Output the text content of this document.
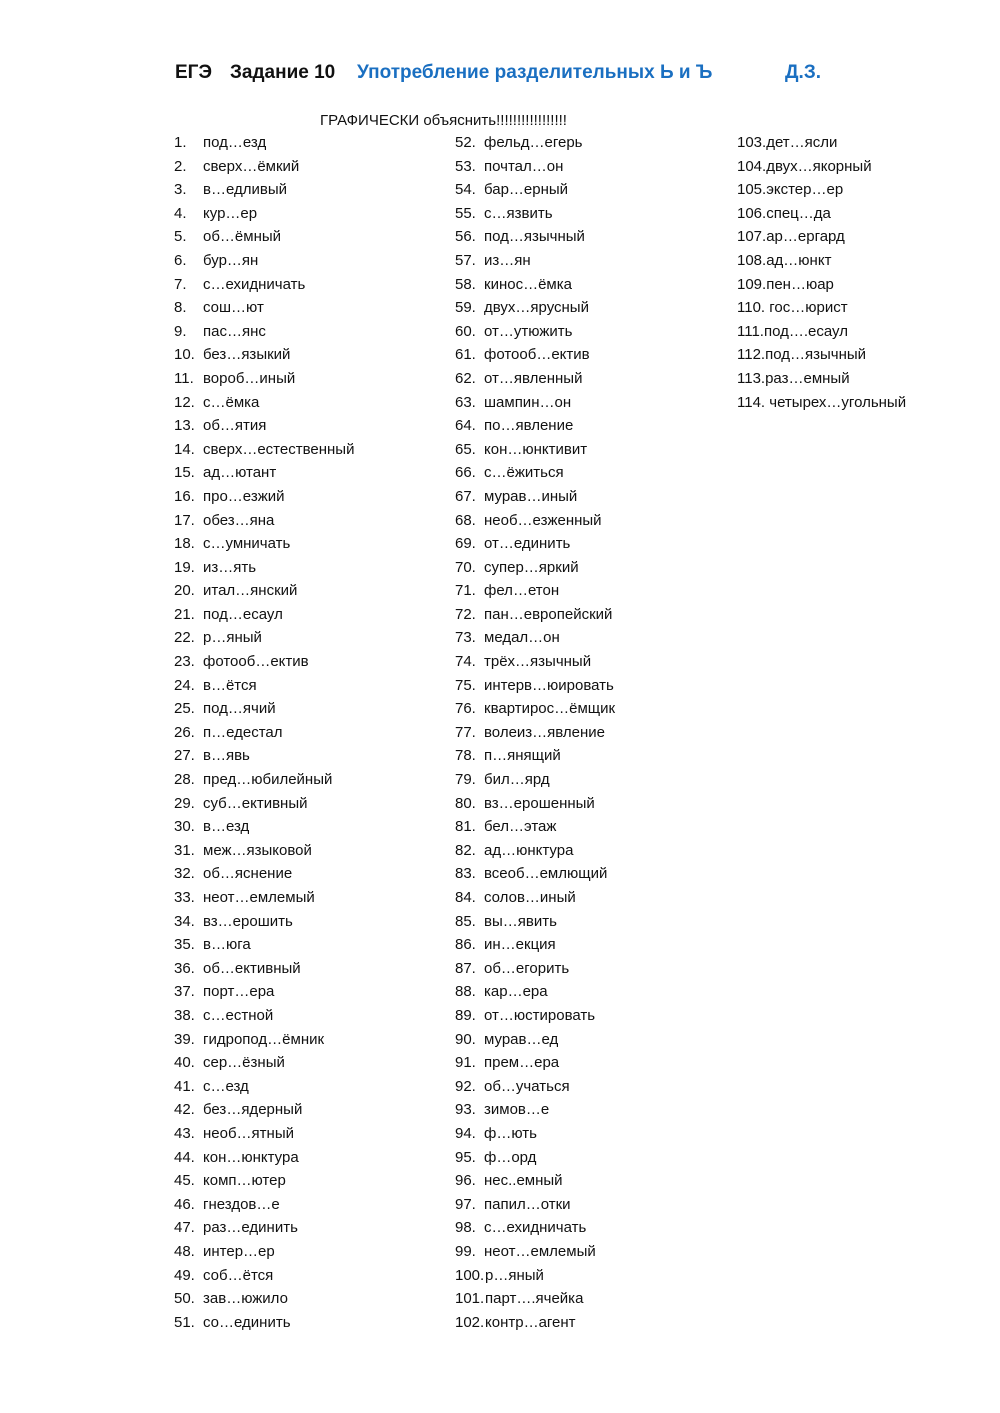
ЕГЭ Задание 10 Употребление разделительных Ь и Ъ	Д.З.
ГРАФИЧЕСКИ объяснить!!!!!!!!!!!!!!!!!
1. под…езд
2. сверх…ёмкий
3. в…едливый
4. кур…ер
5. об…ёмный
6. бур…ян
7. с…ехидничать
8. сош…ют
9. пас…янс
10. без…языкий
11. вороб…иный
12. с…ёмка
13. об…ятия
14. сверх…естественный
15. ад…ютант
16. про…езжий
17. обез…яна
18. с…умничать
19. из…ять
20. итал…янский
21. под…есаул
22. р…яный
23. фотооб…ектив
24. в…ётся
25. под…ячий
26. п…едестал
27. в…явь
28. пред…юбилейный
29. суб…ективный
30. в…езд
31. меж…языковой
32. об…яснение
33. неот…емлемый
34. вз…ерошить
35. в…юга
36. об…ективный
37. порт…ера
38. с…естной
39. гидропод…ёмник
40. сер…ёзный
41. с…езд
42. без…ядерный
43. необ…ятный
44. кон…юнктура
45. комп…ютер
46. гнездов…е
47. раз…единить
48. интер…ер
49. соб…ётся
50. зав…южило
51. со…единить
52. фельд…егерь
53. почтал…он
54. бар…ерный
55. с…язвить
56. под…язычный
57. из…ян
58. кинос…ёмка
59. двух…ярусный
60. от…утюжить
61. фотооб…ектив
62. от…явленный
63. шампин…он
64. по…явление
65. кон…юнктивит
66. с…ёжиться
67. мурав…иный
68. необ…езженный
69. от…единить
70. супер…яркий
71. фел…етон
72. пан…европейский
73. медал…он
74. трёх…язычный
75. интерв…юировать
76. квартирос…ёмщик
77. волеиз…явление
78. п…янящий
79. бил…ярд
80. вз…ерошенный
81. бел…этаж
82. ад…юнктура
83. всеоб…емлющий
84. солов…иный
85. вы…явить
86. ин…екция
87. об…егорить
88. кар…ера
89. от…юстировать
90. мурав…ед
91. прем…ера
92. об…учаться
93. зимов…е
94. ф…ють
95. ф…орд
96. нес..емный
97. папил…отки
98. с…ехидничать
99. неот…емлемый
100.р…яный
101.парт….ячейка
102.контр…агент
103.дет…ясли
104.двух…якорный
105.экстер…ер
106.спец…да
107.ар…ергард
108.ад…юнкт
109.пен…юар
110. гос…юрист
111.под….есаул
112.под…язычный
113.раз…емный
114. четырех…угольный
